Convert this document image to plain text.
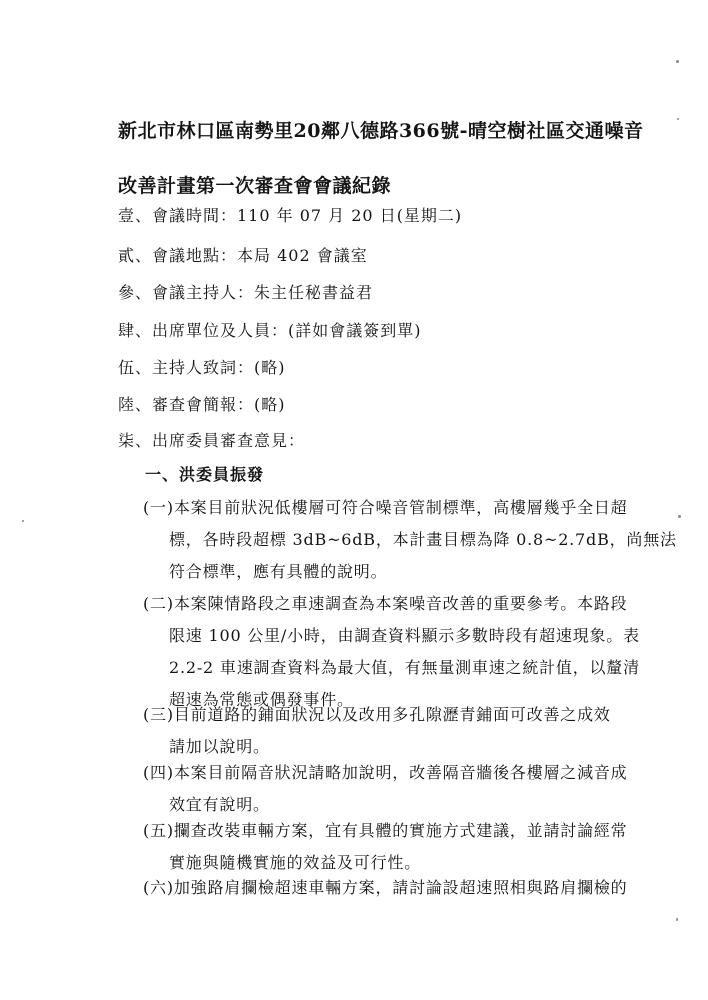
新北市林口區南勢里20鄰八德路366號-晴空樹社區交通噪音
改善計畫第一次審查會會議紀錄
壹、會議時間：110 年 07 月 20 日(星期二)
貳、會議地點：本局 402 會議室
參、會議主持人：朱主任秘書益君
肆、出席單位及人員：(詳如會議簽到單)
伍、主持人致詞：(略)
陸、審查會簡報：(略)
柒、出席委員審查意見：
一、洪委員振發
(一)本案目前狀況低樓層可符合噪音管制標準，高樓層幾乎全日超
標，各時段超標 3dB~6dB，本計畫目標為降 0.8~2.7dB，尚無法
符合標準，應有具體的說明。
(二)本案陳情路段之車速調查為本案噪音改善的重要參考。本路段
限速 100 公里/小時，由調查資料顯示多數時段有超速現象。表
2.2-2 車速調查資料為最大值，有無量測車速之統計值，以釐清
超速為常態或偶發事件。
(三)目前道路的鋪面狀況以及改用多孔隙瀝青鋪面可改善之成效
請加以說明。
(四)本案目前隔音狀況請略加說明，改善隔音牆後各樓層之減音成
效宜有說明。
(五)攔查改裝車輛方案，宜有具體的實施方式建議，並請討論經常
實施與隨機實施的效益及可行性。
(六)加強路肩攔檢超速車輛方案，請討論設超速照相與路肩攔檢的
